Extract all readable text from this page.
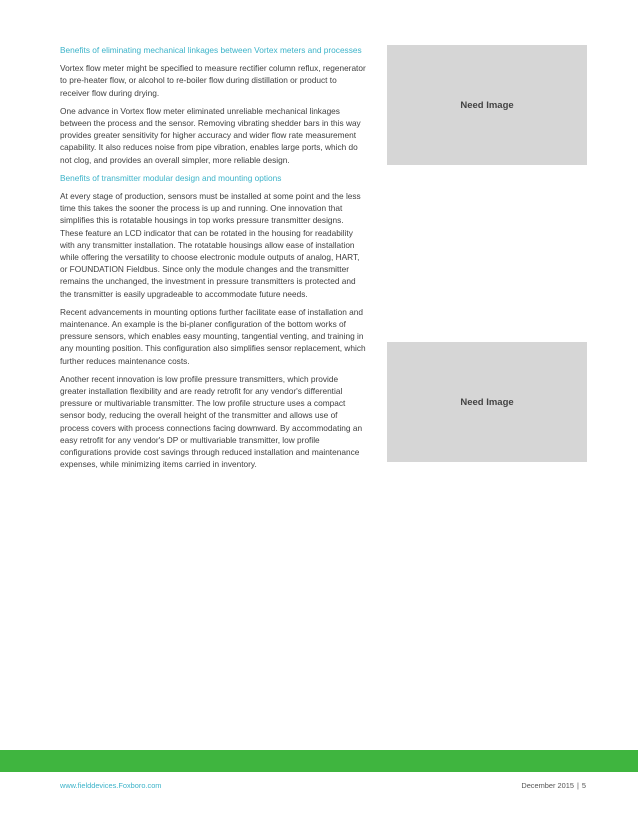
Benefits of eliminating mechanical linkages between Vortex meters and processes

Vortex flow meter might be specified to measure rectifier column reflux, regenerator to pre-heater flow, or alcohol to re-boiler flow during distillation or product to receiver flow during drying.

One advance in Vortex flow meter eliminated unreliable mechanical linkages between the process and the sensor. Removing vibrating shedder bars in this way provides greater sensitivity for higher accuracy and wider flow rate measurement capability. It also reduces noise from pipe vibration, enables large ports, which do not clog, and provides an overall simpler, more reliable design.

Benefits of transmitter modular design and mounting options

At every stage of production, sensors must be installed at some point and the less time this takes the sooner the process is up and running. One innovation that simplifies this is rotatable housings in top works pressure transmitter designs. These feature an LCD indicator that can be rotated in the housing for readability with any transmitter installation. The rotatable housings allow ease of installation while offering the versatility to choose electronic module outputs of analog, HART, or FOUNDATION Fieldbus. Since only the module changes and the transmitter remains the unchanged, the investment in pressure transmitters is protected and the transmitter is easily upgradeable to accommodate future needs.

Recent advancements in mounting options further facilitate ease of installation and maintenance. An example is the bi-planer configuration of the bottom works of pressure sensors, which enables easy mounting, tangential venting, and training in any mounting position. This configuration also simplifies sensor replacement, which further reduces maintenance costs.

Another recent innovation is low profile pressure transmitters, which provide greater installation flexibility and are ready retrofit for any vendor's differential pressure or multivariable transmitter. The low profile structure uses a compact sensor body, reducing the overall height of the transmitter and allows use of process covers with process connections facing downward. By accommodating an easy retrofit for any vendor's DP or multivariable transmitter, low profile configurations provide cost savings through reduced installation and maintenance expenses, while minimizing items carried in inventory.

Need Image
Need Image
www.fielddevices.Foxboro.com	December 2015 | 5
